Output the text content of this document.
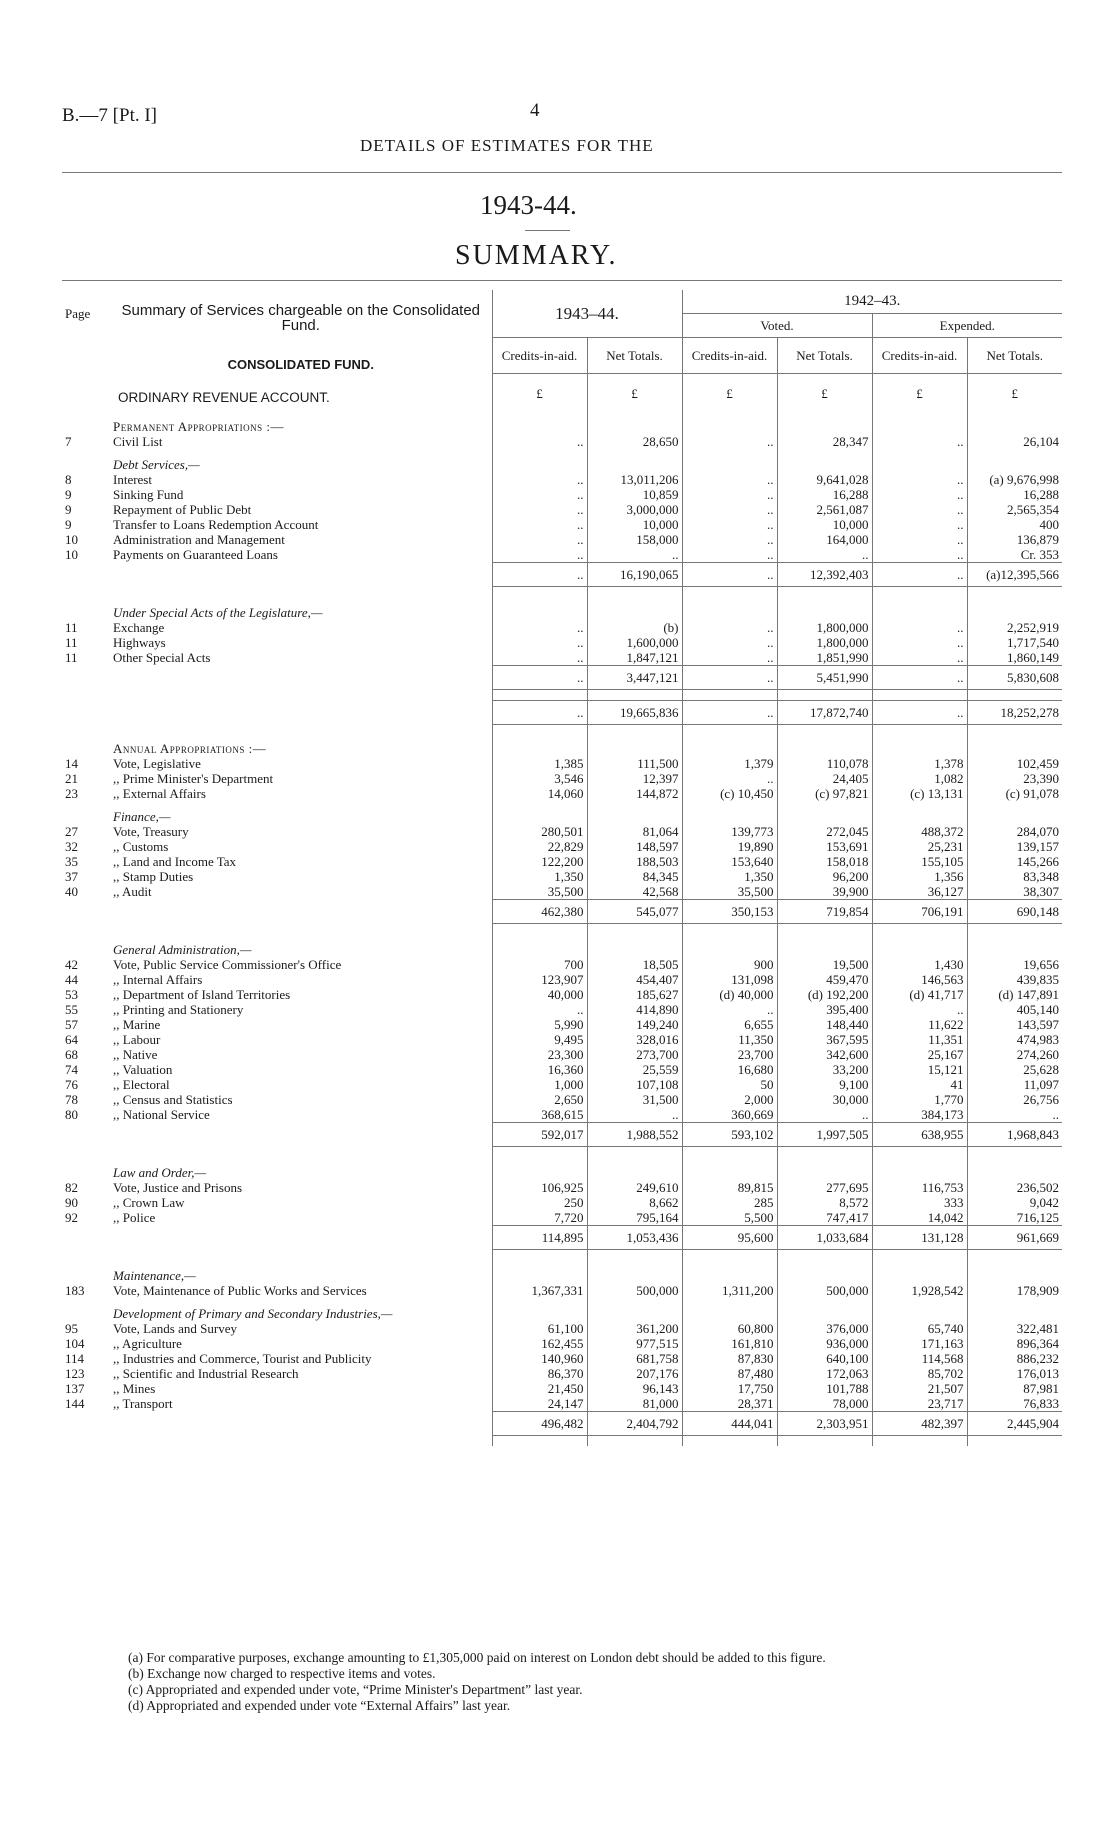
B.—7 [Pt. I]	4
DETAILS OF ESTIMATES FOR THE
1943-44.
SUMMARY.
Page	Summary of Services chargeable on the Consolidated Fund.	1943–44.		1942–43.			
				Voted.		Expended.	
	CONSOLIDATED FUND.	Credits-in-aid.	Net Totals.	Credits-in-aid.	Net Totals.	Credits-in-aid.	Net Totals.
	ORDINARY REVENUE ACCOUNT.	£	£	£	£	£	£
	Permanent Appropriations :—						
7	Civil List	..	28,650	..	28,347	..	26,104
	Debt Services,—						
8	Interest	..	13,011,206	..	9,641,028	..	(a) 9,676,998
9	Sinking Fund	..	10,859	..	16,288	..	16,288
9	Repayment of Public Debt	..	3,000,000	..	2,561,087	..	2,565,354
9	Transfer to Loans Redemption Account	..	10,000	..	10,000	..	400
10	Administration and Management	..	158,000	..	164,000	..	136,879
10	Payments on Guaranteed Loans	..	..	..	..	..	Cr. 353
		..	16,190,065	..	12,392,403	..	(a)12,395,566

	Under Special Acts of the Legislature,—						
11	Exchange	..	(b)	..	1,800,000	..	2,252,919
11	Highways	..	1,600,000	..	1,800,000	..	1,717,540
11	Other Special Acts	..	1,847,121	..	1,851,990	..	1,860,149
		..	3,447,121	..	5,451,990	..	5,830,608

		..	19,665,836	..	17,872,740	..	18,252,278

	Annual Appropriations :—						
14	Vote, Legislative	1,385	111,500	1,379	110,078	1,378	102,459
21	,, Prime Minister's Department	3,546	12,397	..	24,405	1,082	23,390
23	,, External Affairs	14,060	144,872	(c) 10,450	(c) 97,821	(c) 13,131	(c) 91,078
	Finance,—						
27	Vote, Treasury	280,501	81,064	139,773	272,045	488,372	284,070
32	,, Customs	22,829	148,597	19,890	153,691	25,231	139,157
35	,, Land and Income Tax	122,200	188,503	153,640	158,018	155,105	145,266
37	,, Stamp Duties	1,350	84,345	1,350	96,200	1,356	83,348
40	,, Audit	35,500	42,568	35,500	39,900	36,127	38,307
		462,380	545,077	350,153	719,854	706,191	690,148

	General Administration,—						
42	Vote, Public Service Commissioner's Office	700	18,505	900	19,500	1,430	19,656
44	,, Internal Affairs	123,907	454,407	131,098	459,470	146,563	439,835
53	,, Department of Island Territories	40,000	185,627	(d) 40,000	(d) 192,200	(d) 41,717	(d) 147,891
55	,, Printing and Stationery	..	414,890	..	395,400	..	405,140
57	,, Marine	5,990	149,240	6,655	148,440	11,622	143,597
64	,, Labour	9,495	328,016	11,350	367,595	11,351	474,983
68	,, Native	23,300	273,700	23,700	342,600	25,167	274,260
74	,, Valuation	16,360	25,559	16,680	33,200	15,121	25,628
76	,, Electoral	1,000	107,108	50	9,100	41	11,097
78	,, Census and Statistics	2,650	31,500	2,000	30,000	1,770	26,756
80	,, National Service	368,615	..	360,669	..	384,173	..
		592,017	1,988,552	593,102	1,997,505	638,955	1,968,843

	Law and Order,—						
82	Vote, Justice and Prisons	106,925	249,610	89,815	277,695	116,753	236,502
90	,, Crown Law	250	8,662	285	8,572	333	9,042
92	,, Police	7,720	795,164	5,500	747,417	14,042	716,125
		114,895	1,053,436	95,600	1,033,684	131,128	961,669

	Maintenance,—						
183	Vote, Maintenance of Public Works and Services	1,367,331	500,000	1,311,200	500,000	1,928,542	178,909
	Development of Primary and Secondary Industries,—						
95	Vote, Lands and Survey	61,100	361,200	60,800	376,000	65,740	322,481
104	,, Agriculture	162,455	977,515	161,810	936,000	171,163	896,364
114	,, Industries and Commerce, Tourist and Publicity	140,960	681,758	87,830	640,100	114,568	886,232
123	,, Scientific and Industrial Research	86,370	207,176	87,480	172,063	85,702	176,013
137	,, Mines	21,450	96,143	17,750	101,788	21,507	87,981
144	,, Transport	24,147	81,000	28,371	78,000	23,717	76,833
		496,482	2,404,792	444,041	2,303,951	482,397	2,445,904

(a) For comparative purposes, exchange amounting to £1,305,000 paid on interest on London debt should be added to this figure.
(b) Exchange now charged to respective items and votes.
(c) Appropriated and expended under vote, “Prime Minister's Department” last year.
(d) Appropriated and expended under vote “External Affairs” last year.
